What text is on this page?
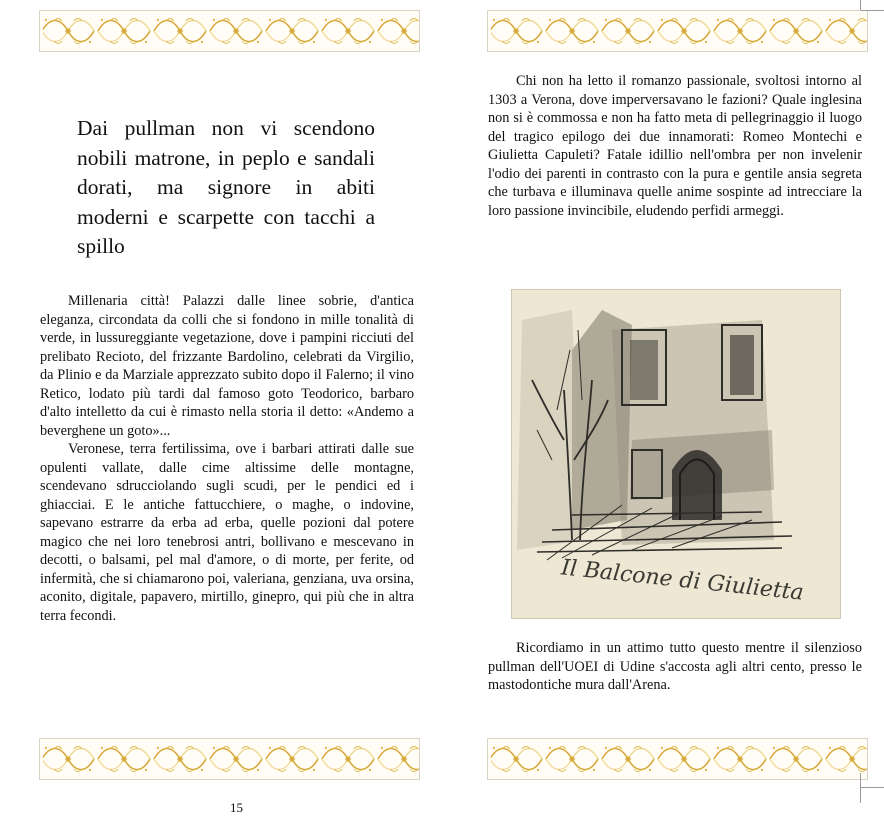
Dai pullman non vi scendono nobili matrone, in peplo e sandali dorati, ma signore in abiti moderni e scarpette con tacchi a spillo

Millenaria città! Palazzi dalle linee sobrie, d'antica eleganza, circondata da colli che si fondono in mille tonalità di verde, in lussureggiante vegetazione, dove i pampini ricciuti del prelibato Recioto, del frizzante Bardolino, celebrati da Virgilio, da Plinio e da Marziale apprezzato subito dopo il Falerno; il vino Retico, lodato più tardi dal famoso goto Teodorico, barbaro d'alto intelletto da cui è rimasto nella storia il detto: «Andemo a beverghene un goto»...

Veronese, terra fertilissima, ove i barbari attirati dalle sue opulenti vallate, dalle cime altissime delle montagne, scendevano sdrucciolando sugli scudi, per le pendici ed i ghiacciai. E le antiche fattucchiere, o maghe, o indovine, sapevano estrarre da erba ad erba, quelle pozioni dal potere magico che nei loro tenebrosi antri, bollivano e mescevano in decotti, o balsami, pel mal d'amore, o di morte, per ferite, od infermità, che si chiamarono poi, valeriana, genziana, uva orsina, aconito, digitale, papavero, mirtillo, ginepro, qui più che in altra terra fecondi.

15

Chi non ha letto il romanzo passionale, svoltosi intorno al 1303 a Verona, dove imperversavano le fazioni? Quale inglesina non si è commossa e non ha fatto meta di pellegrinaggio il luogo del tragico epilogo dei due innamorati: Romeo Montechi e Giulietta Capuleti? Fatale idillio nell'ombra per non invelenir l'odio dei parenti in contrasto con la pura e gentile ansia segreta che turbava e illuminava quelle anime sospinte ad intrecciare la loro passione invincibile, eludendo perfidi armeggi.

Il Balcone di Giulietta

Ricordiamo in un attimo tutto questo mentre il silenzioso pullman dell'UOEI di Udine s'accosta agli altri cento, presso le mastodontiche mura dall'Arena.
